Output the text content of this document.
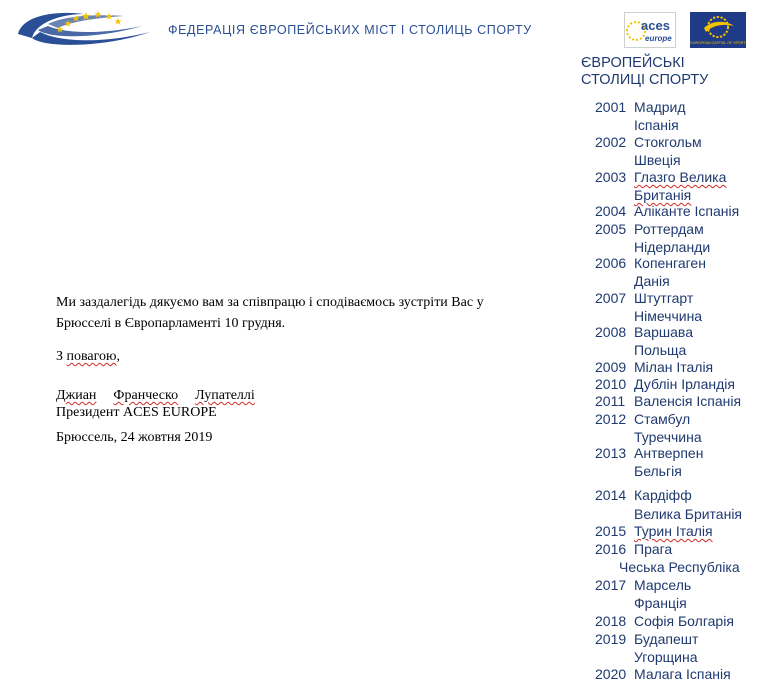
ФЕДЕРАЦІЯ ЄВРОПЕЙСЬКИХ МІСТ І СТОЛИЦЬ СПОРТУ	aces
europe	EUROPEAN CAPITAL OF SPORT
ЄВРОПЕЙСЬКІ
СТОЛИЦІ СПОРТУ
2001 Мадрид
Іспанія
2002 Стокгольм
Швеція
2003 Глазго Велика
Британія
2004 Аліканте Іспанія
2005 Роттердам
Нідерланди
2006 Копенгаген
Данія
2007 Штутгарт
Німеччина
2008 Варшава
Польща
2009 Мілан Італія
2010 Дублін Ірландія
2011 Валенсія Іспанія
2012 Стамбул
Туреччина
2013 Антверпен
Бельгія
2014 Кардіфф
Велика Британія
2015 Турин Італія
2016 Прага
Чеська Республіка
2017 Марсель
Франція
2018 Софія Болгарія
2019 Будапешт
Угорщина
2020 Малага Іспанія
Ми заздалегідь дякуємо вам за співпрацю і сподіваємось зустріти Вас у
Брюсселі в Європарламенті 10 грудня.
З повагою,
Джиан Франческо Лупателлі
Президент ACES EUROPE
Брюссель, 24 жовтня 2019
